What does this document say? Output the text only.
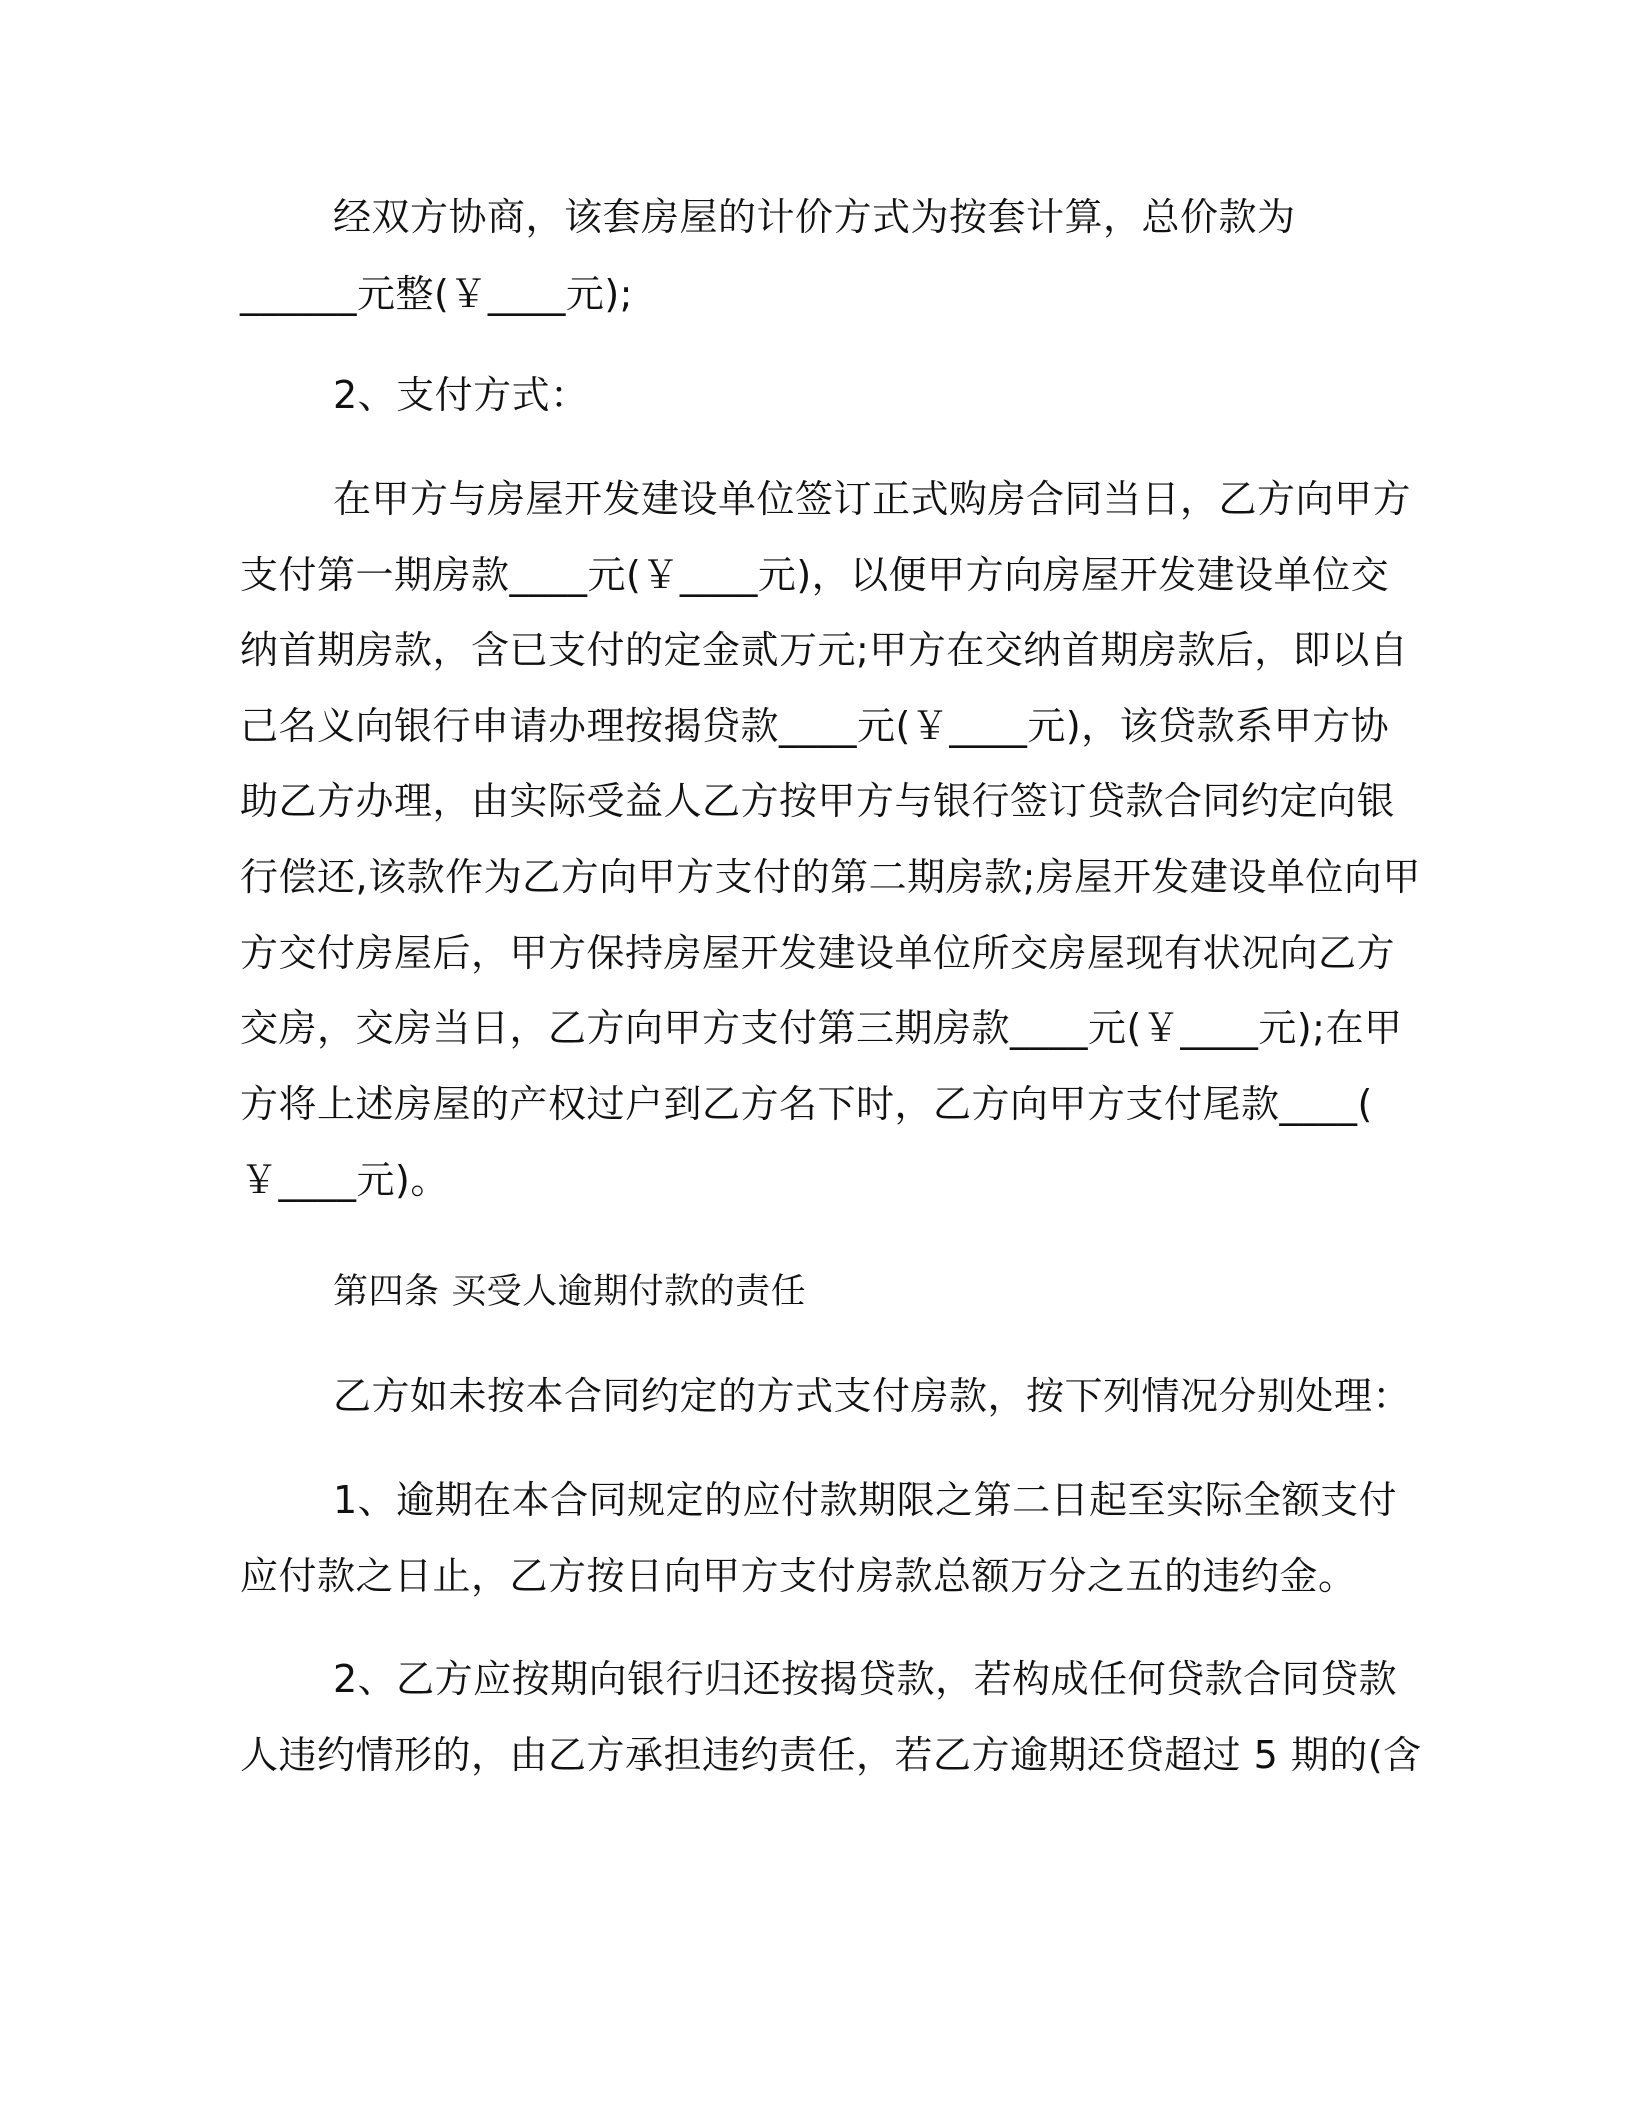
经双方协商，该套房屋的计价方式为按套计算，总价款为
______元整(￥____元);
2、支付方式：
在甲方与房屋开发建设单位签订正式购房合同当日，乙方向甲方
支付第一期房款____元(￥____元)，以便甲方向房屋开发建设单位交
纳首期房款，含已支付的定金贰万元;甲方在交纳首期房款后，即以自
己名义向银行申请办理按揭贷款____元(￥____元)，该贷款系甲方协
助乙方办理，由实际受益人乙方按甲方与银行签订贷款合同约定向银
行偿还,该款作为乙方向甲方支付的第二期房款;房屋开发建设单位向甲
方交付房屋后，甲方保持房屋开发建设单位所交房屋现有状况向乙方
交房，交房当日，乙方向甲方支付第三期房款____元(￥____元);在甲
方将上述房屋的产权过户到乙方名下时，乙方向甲方支付尾款____(
￥____元)。
第四条 买受人逾期付款的责任
乙方如未按本合同约定的方式支付房款，按下列情况分别处理：
1、逾期在本合同规定的应付款期限之第二日起至实际全额支付
应付款之日止，乙方按日向甲方支付房款总额万分之五的违约金。
2、乙方应按期向银行归还按揭贷款，若构成任何贷款合同贷款
人违约情形的，由乙方承担违约责任，若乙方逾期还贷超过 5 期的(含
